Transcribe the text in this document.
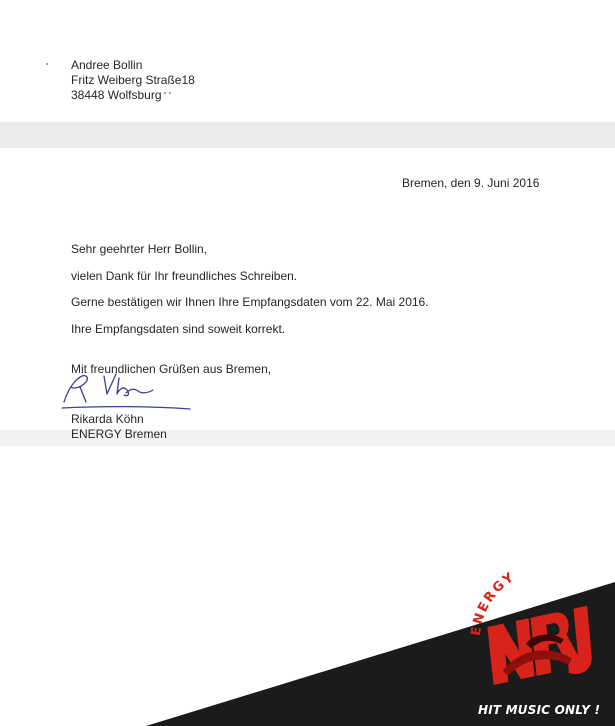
Andree Bollin
Fritz Weiberg Straße18
38448 Wolfsburg

Bremen, den 9. Juni 2016

Sehr geehrter Herr Bollin,

vielen Dank für Ihr freundliches Schreiben.

Gerne bestätigen wir Ihnen Ihre Empfangsdaten vom 22. Mai 2016.

Ihre Empfangsdaten sind soweit korrekt.

Mit freundlichen Grüßen aus Bremen,

Rikarda Köhn

ENERGY Bremen

ENERGY
NRJ
HIT MUSIC ONLY !
